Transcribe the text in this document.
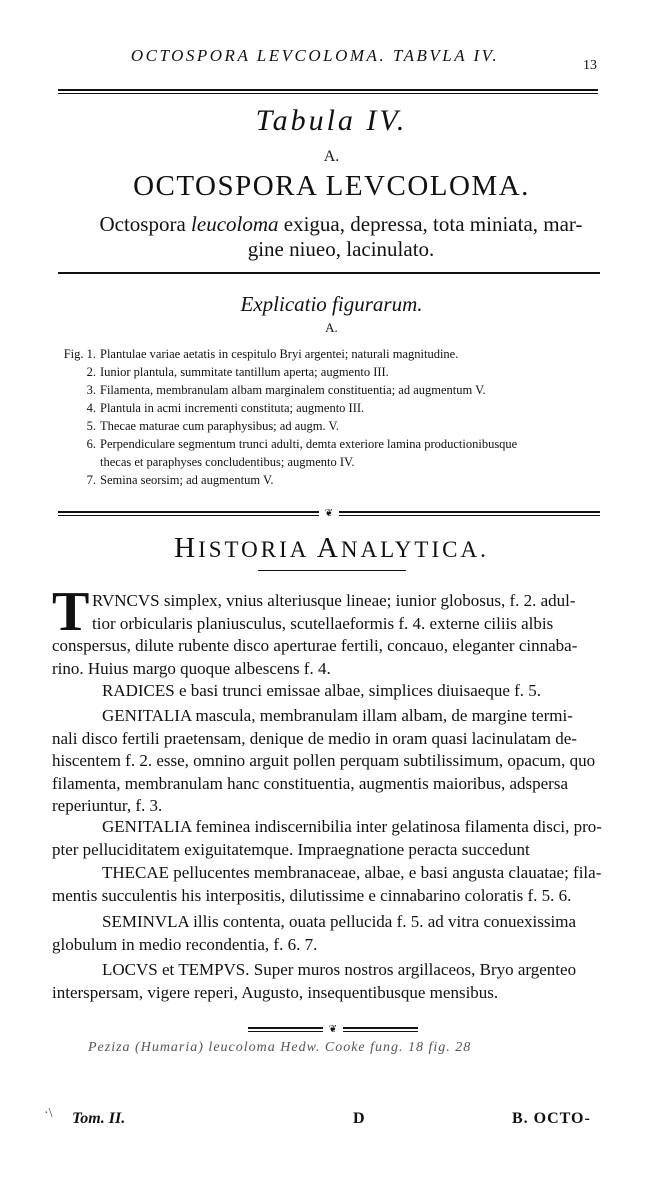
OCTOSPORA LEVCOLOMA. TABVLA IV.
13
Tabula IV.
A.
OCTOSPORA LEVCOLOMA.
Octospora leucoloma exigua, depressa, tota miniata, mar-
gine niueo, lacinulato.
Explicatio figurarum.
A.
Fig. 1. Plantulae variae aetatis in cespitulo Bryi argentei; naturali magnitudine.
2. Iunior plantula, summitate tantillum aperta; augmento III.
3. Filamenta, membranulam albam marginalem constituentia; ad augmentum V.
4. Plantula in acmi incrementi constituta; augmento III.
5. Thecae maturae cum paraphysibus; ad augm. V.
6. Perpendiculare segmentum trunci adulti, demta exteriore lamina productionibusque
thecas et paraphyses concludentibus; augmento IV.
7. Semina seorsim; ad augmentum V.
❦
HISTORIA ANALYTICA.
T RVNCVS simplex, vnius alteriusque lineae; iunior globosus, f. 2. adul-
tior orbicularis planiusculus, scutellaeformis f. 4. externe ciliis albis
conspersus, dilute rubente disco aperturae fertili, concauo, eleganter cinnaba-
rino. Huius margo quoque albescens f. 4.
RADICES e basi trunci emissae albae, simplices diuisaeque f. 5.
GENITALIA mascula, membranulam illam albam, de margine termi-
nali disco fertili praetensam, denique de medio in oram quasi lacinulatam de-
hiscentem f. 2. esse, omnino arguit pollen perquam subtilissimum, opacum, quo
filamenta, membranulam hanc constituentia, augmentis maioribus, adspersa
reperiuntur, f. 3.
GENITALIA feminea indiscernibilia inter gelatinosa filamenta disci, pro-
pter pelluciditatem exiguitatemque. Impraegnatione peracta succedunt
THECAE pellucentes membranaceae, albae, e basi angusta clauatae; fila-
mentis succulentis his interpositis, dilutissime e cinnabarino coloratis f. 5. 6.
SEMINVLA illis contenta, ouata pellucida f. 5. ad vitra conuexissima
globulum in medio recondentia, f. 6. 7.
LOCVS et TEMPVS. Super muros nostros argillaceos, Bryo argenteo
interspersam, vigere reperi, Augusto, insequentibusque mensibus.
❦
Peziza (Humaria) leucoloma Hedw. Cooke fung. 18 fig. 28
·\ Tom. II.	D	B. OCTO-
